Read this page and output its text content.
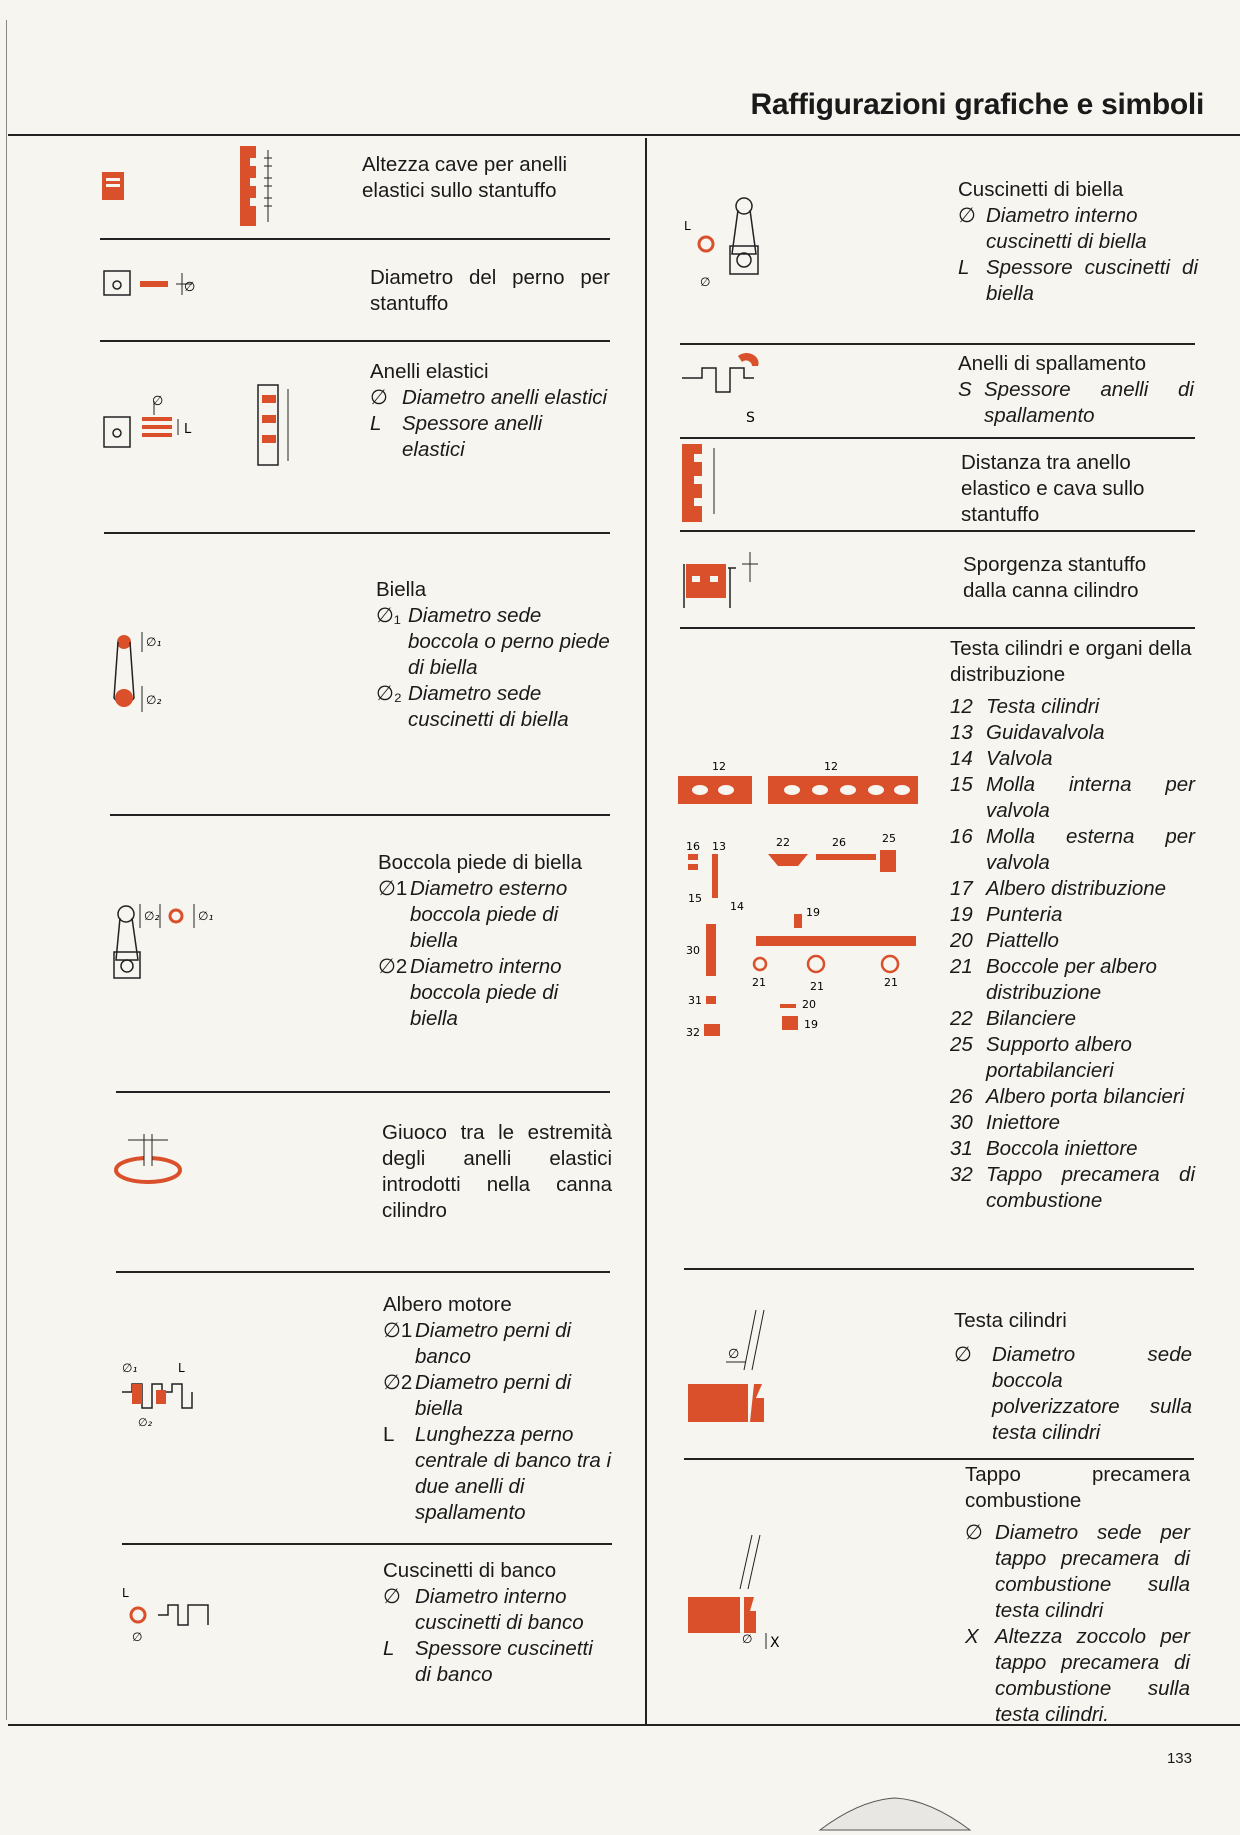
Raffigurazioni grafiche e simboli
133
Altezza cave per anelli elastici sullo stantuffo
∅	Diametro del perno per stantuffo
∅
L
Anelli elastici
∅ Diametro anelli elastici
L	Spessore anelli elastici
∅₁
∅₂
Biella
∅₁ Diametro sede boccola o perno piede di biella
∅₂ Diametro sede cuscinetti di biella
∅₂	∅₁
Boccola piede di biella
∅1 Diametro esterno boccola piede di biella
∅2 Diametro interno boccola piede di biella
Giuoco tra le estremità degli anelli elastici introdotti nella canna cilindro
∅₁	L
∅₂
Albero motore
∅1 Diametro perni di banco
∅2 Diametro perni di biella
L	Lunghezza perno centrale di banco tra i due anelli di spallamento
L
∅
Cuscinetti di banco
∅ Diametro interno cuscinetti di banco
L	Spessore cuscinetti di banco
L
∅
Cuscinetti di biella
∅ Diametro interno cuscinetti di biella
L Spessore cuscinetti di biella
S
Anelli di spallamento
S Spessore anelli di spallamento
Distanza tra anello elastico e cava sullo stantuffo
Sporgenza stantuffo dalla canna cilindro
12	12
16 13
15
14
22	26	25
19
30
21	21	21
31	20
32
19
Testa cilindri e organi della distribuzione
12 Testa cilindri
13 Guidavalvola
14 Valvola
15 Molla interna per valvola
16 Molla esterna per valvola
17 Albero distribuzione
19 Punteria
20 Piattello
21 Boccole per albero distribuzione
22 Bilanciere
25 Supporto albero portabilancieri
26 Albero porta bilancieri
30 Iniettore
31 Boccola iniettore
32 Tappo precamera di combustione
∅
Testa cilindri
∅ Diametro sede boccola polverizzatore sulla testa cilindri
∅ X
Tappo precamera combustione
∅ Diametro sede per tappo precamera di combustione sulla testa cilindri
X Altezza zoccolo per tappo precamera di combustione sulla testa cilindri.
